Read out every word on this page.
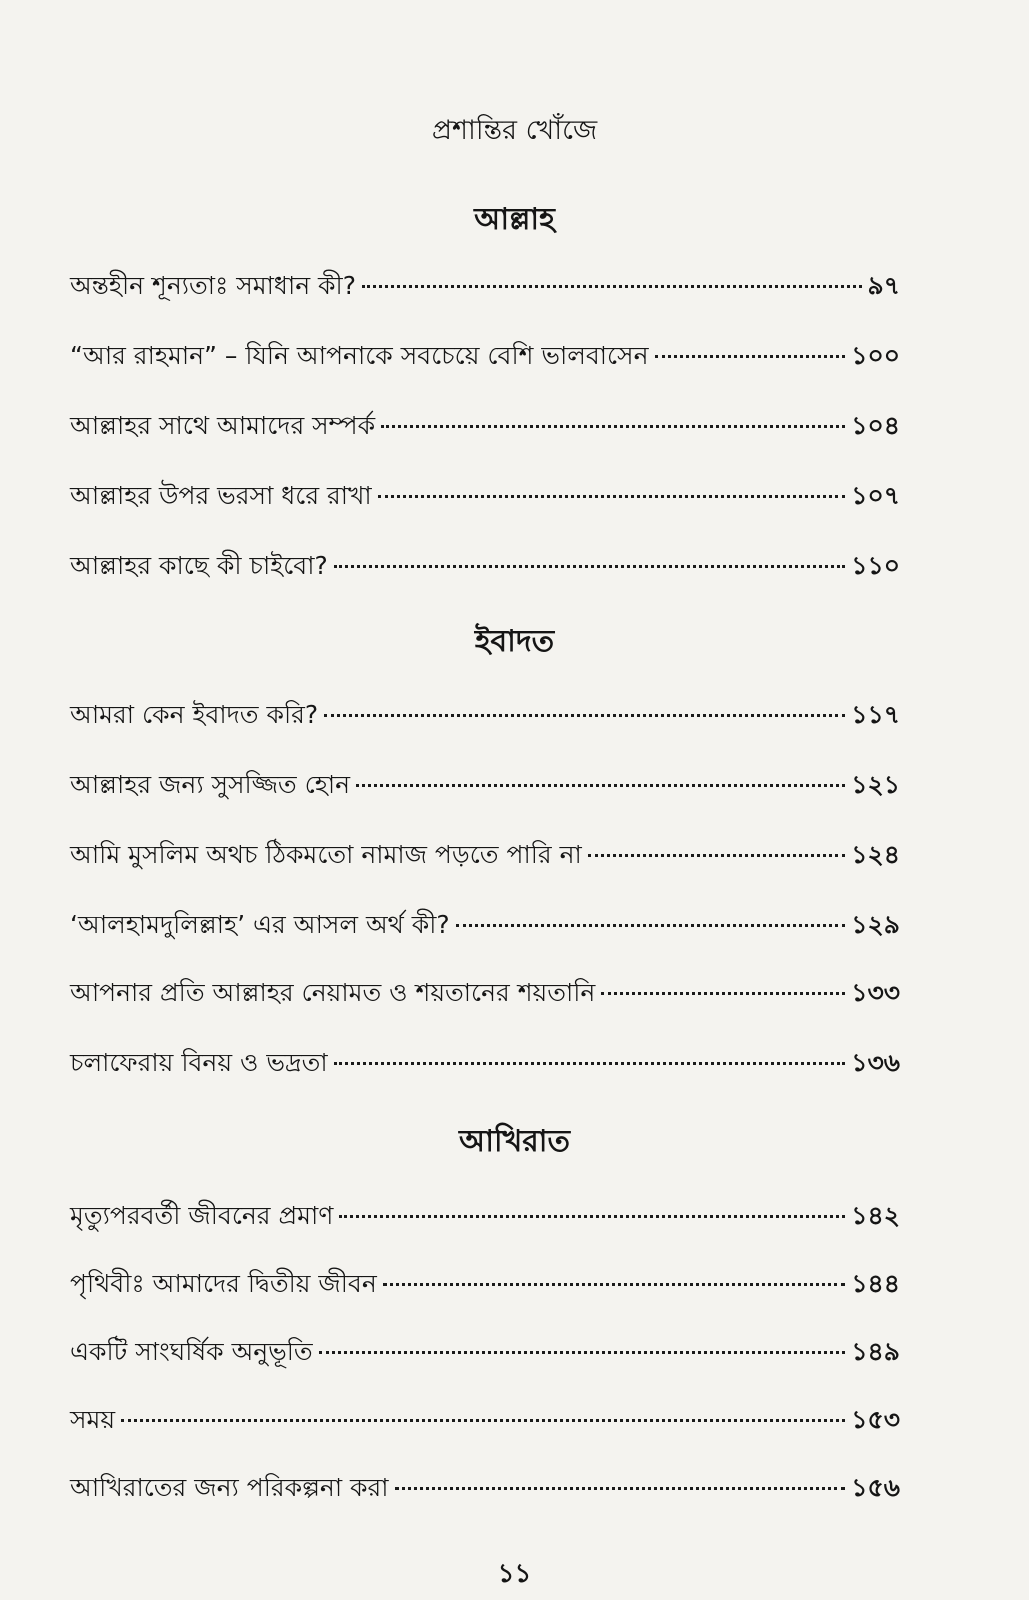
প্রশান্তির খোঁজে
আল্লাহ
অন্তহীন শূন্যতাঃ সমাধান কী?	৯৭
“আর রাহমান” – যিনি আপনাকে সবচেয়ে বেশি ভালবাসেন	১০০
আল্লাহর সাথে আমাদের সম্পর্ক	১০৪
আল্লাহর উপর ভরসা ধরে রাখা	১০৭
আল্লাহর কাছে কী চাইবো?	১১০
ইবাদত
আমরা কেন ইবাদত করি?	১১৭
আল্লাহর জন্য সুসজ্জিত হোন	১২১
আমি মুসলিম অথচ ঠিকমতো নামাজ পড়তে পারি না	১২৪
‘আলহামদুলিল্লাহ’ এর আসল অর্থ কী?	১২৯
আপনার প্রতি আল্লাহর নেয়ামত ও শয়তানের শয়তানি	১৩৩
চলাফেরায় বিনয় ও ভদ্রতা	১৩৬
আখিরাত
মৃত্যুপরবর্তী জীবনের প্রমাণ	১৪২
পৃথিবীঃ আমাদের দ্বিতীয় জীবন	১৪৪
একটি সাংঘর্ষিক অনুভূতি	১৪৯
সময়	১৫৩
আখিরাতের জন্য পরিকল্পনা করা	১৫৬
১১
